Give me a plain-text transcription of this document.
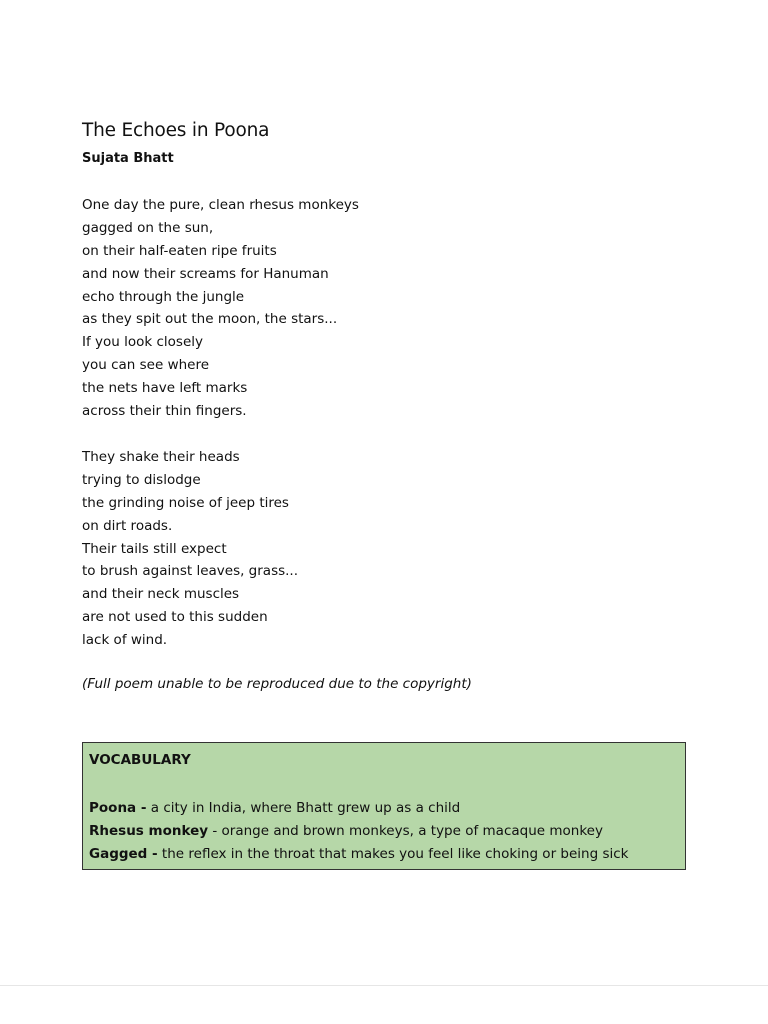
The Echoes in Poona

Sujata Bhatt

One day the pure, clean rhesus monkeys
gagged on the sun,
on their half-eaten ripe fruits
and now their screams for Hanuman
echo through the jungle
as they spit out the moon, the stars...
If you look closely
you can see where
the nets have left marks
across their thin fingers.
They shake their heads
trying to dislodge
the grinding noise of jeep tires
on dirt roads.
Their tails still expect
to brush against leaves, grass...
and their neck muscles
are not used to this sudden
lack of wind.

(Full poem unable to be reproduced due to the copyright)

VOCABULARY

Poona - a city in India, where Bhatt grew up as a child
Rhesus monkey - orange and brown monkeys, a type of macaque monkey
Gagged - the reflex in the throat that makes you feel like choking or being sick
